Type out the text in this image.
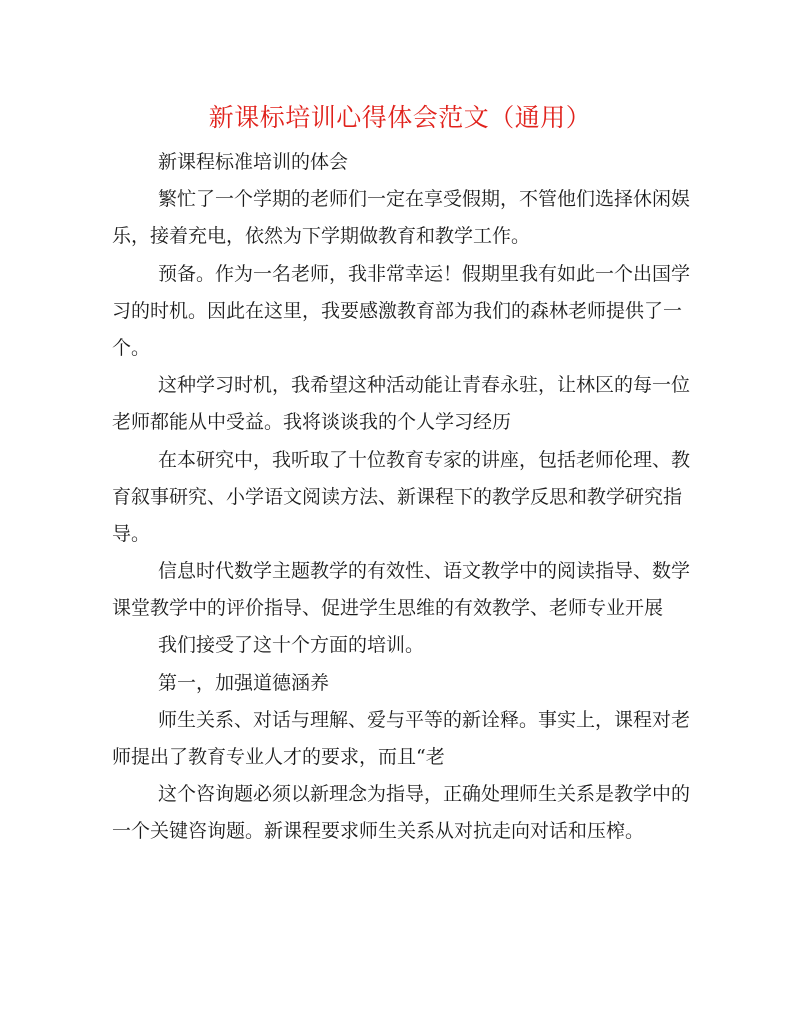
新课标培训心得体会范文（通用）

新课程标准培训的体会

繁忙了一个学期的老师们一定在享受假期，不管他们选择休闲娱
乐，接着充电，依然为下学期做教育和教学工作。

预备。作为一名老师，我非常幸运！假期里我有如此一个出国学
习的时机。因此在这里，我要感激教育部为我们的森林老师提供了一
个。

这种学习时机，我希望这种活动能让青春永驻，让林区的每一位
老师都能从中受益。我将谈谈我的个人学习经历

在本研究中，我听取了十位教育专家的讲座，包括老师伦理、教
育叙事研究、小学语文阅读方法、新课程下的教学反思和教学研究指
导。

信息时代数学主题教学的有效性、语文教学中的阅读指导、数学
课堂教学中的评价指导、促进学生思维的有效教学、老师专业开展

我们接受了这十个方面的培训。

第一，加强道德涵养

师生关系、对话与理解、爱与平等的新诠释。事实上，课程对老
师提出了教育专业人才的要求，而且“老

这个咨询题必须以新理念为指导，正确处理师生关系是教学中的
一个关键咨询题。新课程要求师生关系从对抗走向对话和压榨。
